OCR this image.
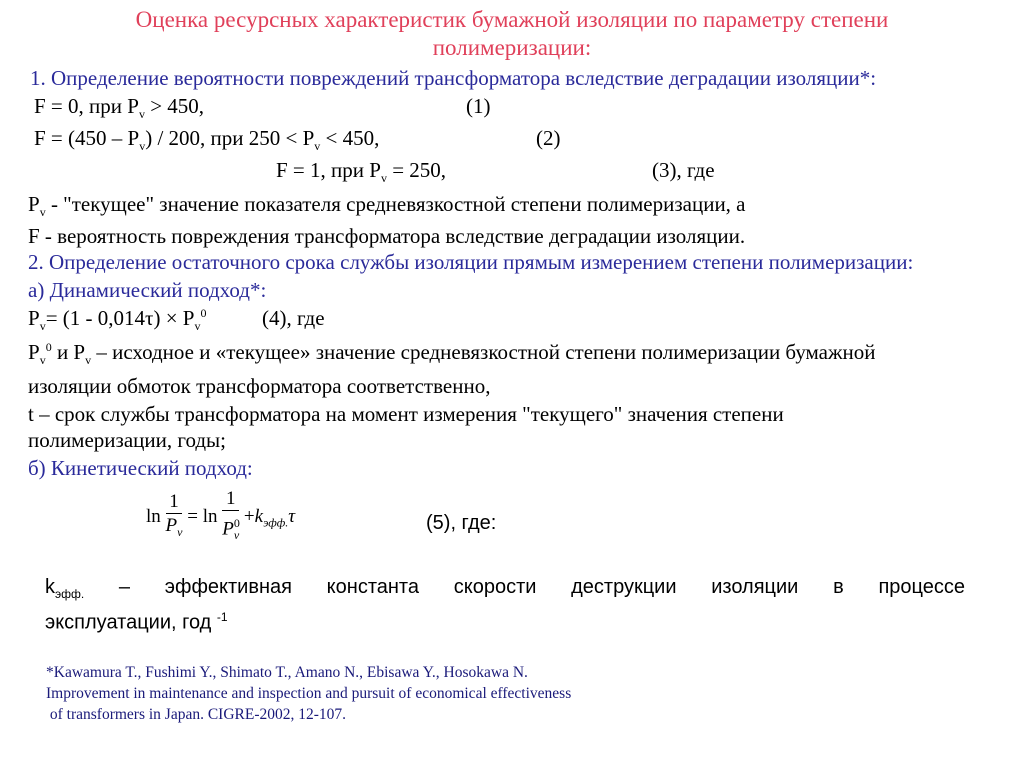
Оценка ресурсных характеристик бумажной изоляции по параметру степени
полимеризации:
1. Определение вероятности повреждений трансформатора вследствие деградации изоляции*:
F = 0, при $P_v > 450$,	(1)
$F = (450 - P_v) / 200$, при $250 < P_v < 450$,	(2)
F = 1, при $P_v = 250$,	(3), где
$P_v$ - "текущее" значение показателя средневязкостной степени полимеризации, а
F - вероятность повреждения трансформатора вследствие деградации изоляции.
2. Определение остаточного срока службы изоляции прямым измерением степени полимеризации:
а) Динамический подход*:
$P_v= (1 - 0,014\tau) \times P_v^0$	(4), где
$P_v^0$ и $P_v$ – исходное и «текущее» значение средневязкостной степени полимеризации бумажной
изоляции обмоток трансформатора соответственно,
t – срок службы трансформатора на момент измерения "текущего" значения степени
полимеризации, годы;
б) Кинетический подход:
$\ln \frac{1}{P_v} = \ln \frac{1}{P^0_v} +k_{эфф.}\tau$	(5), где:
$k_{эфф.}$ – эффективная константа скорости деструкции изоляции в процессе
эксплуатации, год $^{-1}$
*Kawamura T., Fushimi Y., Shimato T., Amano N., Ebisawa Y., Hosokawa N.
Improvement in maintenance and inspection and pursuit of economical effectiveness
of transformers in Japan. CIGRE-2002, 12-107.
